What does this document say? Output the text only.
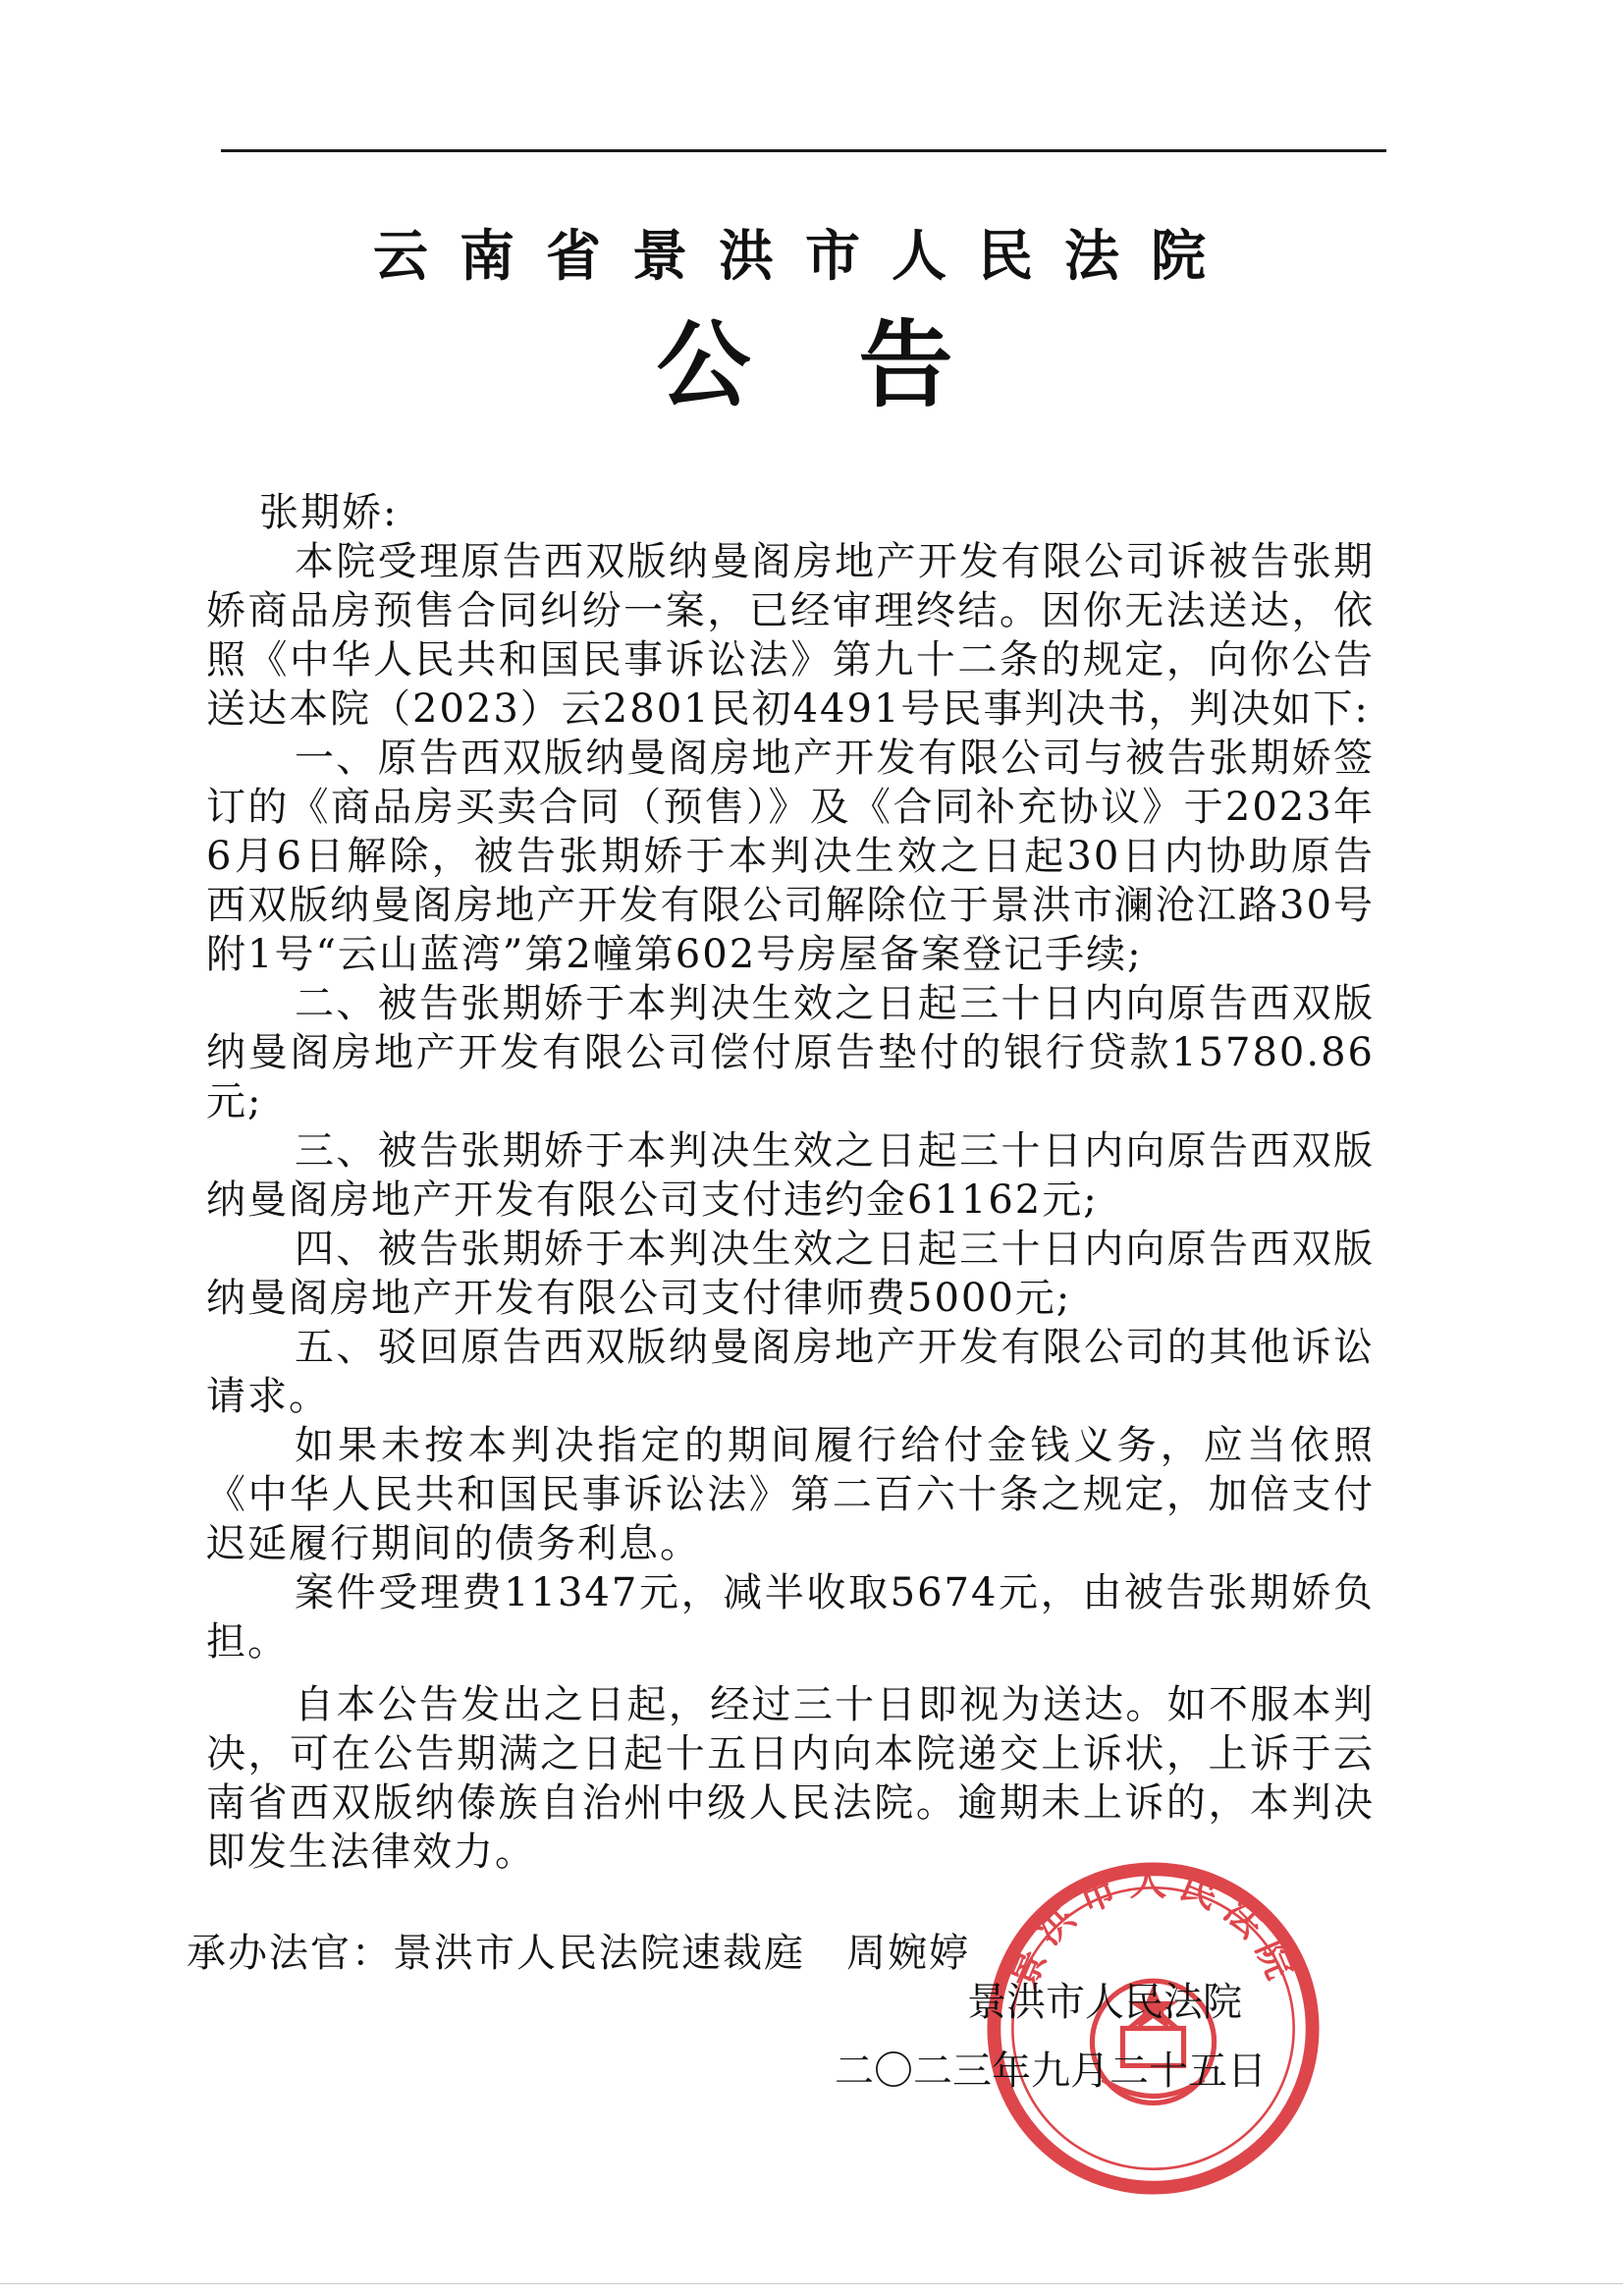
云南省景洪市人民法院
公告

张期娇:

本院受理原告西双版纳曼阁房地产开发有限公司诉被告张期娇商品房预售合同纠纷一案，已经审理终结。因你无法送达，依照《中华人民共和国民事诉讼法》第九十二条的规定，向你公告送达本院（2023）云2801民初4491号民事判决书，判决如下:

一、原告西双版纳曼阁房地产开发有限公司与被告张期娇签订的《商品房买卖合同（预售）》及《合同补充协议》于2023年6月6日解除，被告张期娇于本判决生效之日起30日内协助原告西双版纳曼阁房地产开发有限公司解除位于景洪市澜沧江路30号附1号“云山蓝湾”第2幢第602号房屋备案登记手续;

二、被告张期娇于本判决生效之日起三十日内向原告西双版纳曼阁房地产开发有限公司偿付原告垫付的银行贷款15780.86元;

三、被告张期娇于本判决生效之日起三十日内向原告西双版纳曼阁房地产开发有限公司支付违约金61162元;

四、被告张期娇于本判决生效之日起三十日内向原告西双版纳曼阁房地产开发有限公司支付律师费5000元;

五、驳回原告西双版纳曼阁房地产开发有限公司的其他诉讼请求。

如果未按本判决指定的期间履行给付金钱义务，应当依照《中华人民共和国民事诉讼法》第二百六十条之规定，加倍支付迟延履行期间的债务利息。

案件受理费11347元，减半收取5674元，由被告张期娇负担。

自本公告发出之日起，经过三十日即视为送达。如不服本判决，可在公告期满之日起十五日内向本院递交上诉状，上诉于云南省西双版纳傣族自治州中级人民法院。逾期未上诉的，本判决即发生法律效力。

承办法官：景洪市人民法院速裁庭　周婉婷 景洪市人民法院
景洪市人民法院
二〇二三年九月二十五日
